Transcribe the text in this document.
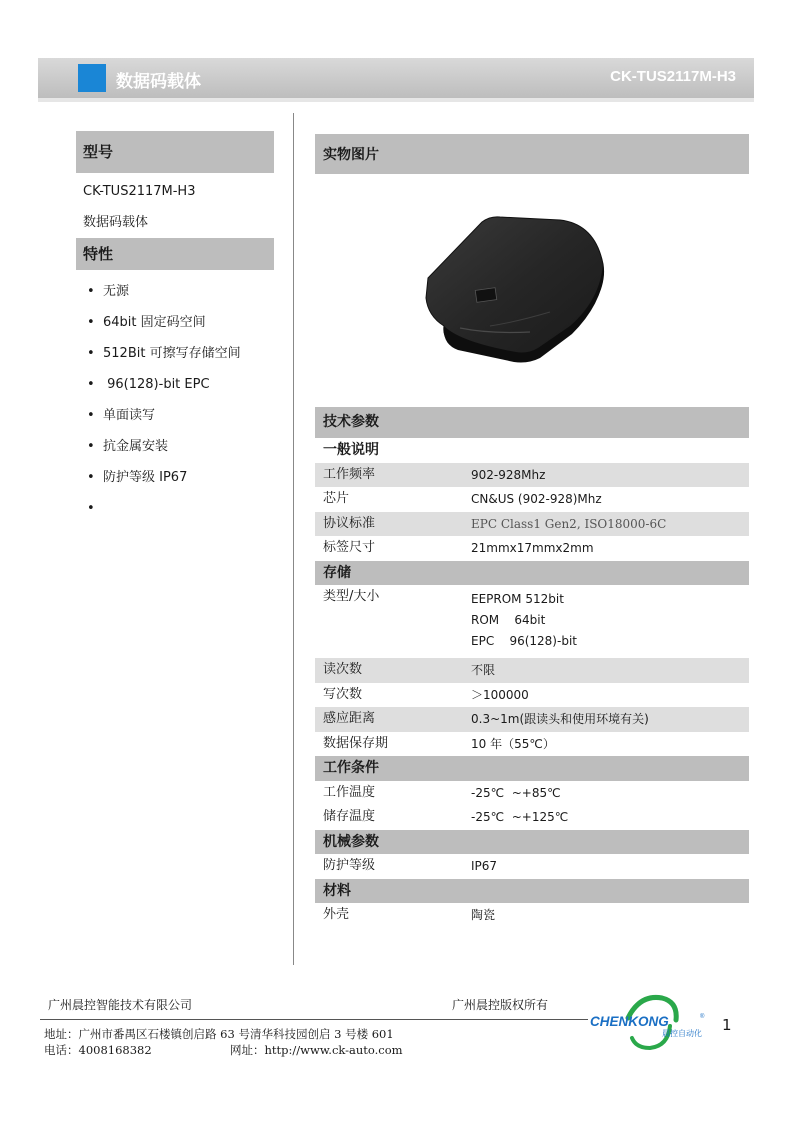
数据码载体	CK-TUS2117M-H3
型号
CK-TUS2117M-H3
数据码载体
特性
• 无源
• 64bit 固定码空间
• 512Bit 可擦写存储空间
• 96(128)-bit EPC
• 单面读写
• 抗金属安装
• 防护等级 IP67
•
实物图片
技术参数
一般说明
工作频率	902-928Mhz
芯片	CN&US (902-928)Mhz
协议标准	EPC Class1 Gen2, ISO18000-6C
标签尺寸	21mmx17mmx2mm
存储
类型/大小	EEPROM 512bit
ROM    64bit
EPC    96(128)-bit
读次数	不限
写次数	＞100000
感应距离	0.3~1m(跟读头和使用环境有关)
数据保存期	10 年（55℃）
工作条件
工作温度	-25℃  ~+85℃
储存温度	-25℃  ~+125℃
机械参数
防护等级	IP67
材料
外壳	陶瓷
广州晨控智能技术有限公司	广州晨控版权所有
地址：广州市番禺区石楼镇创启路 63 号清华科技园创启 3 号楼 601
电话：4008168382	网址：http://www.ck-auto.com
CHENKONG	®
晨控自动化 1
